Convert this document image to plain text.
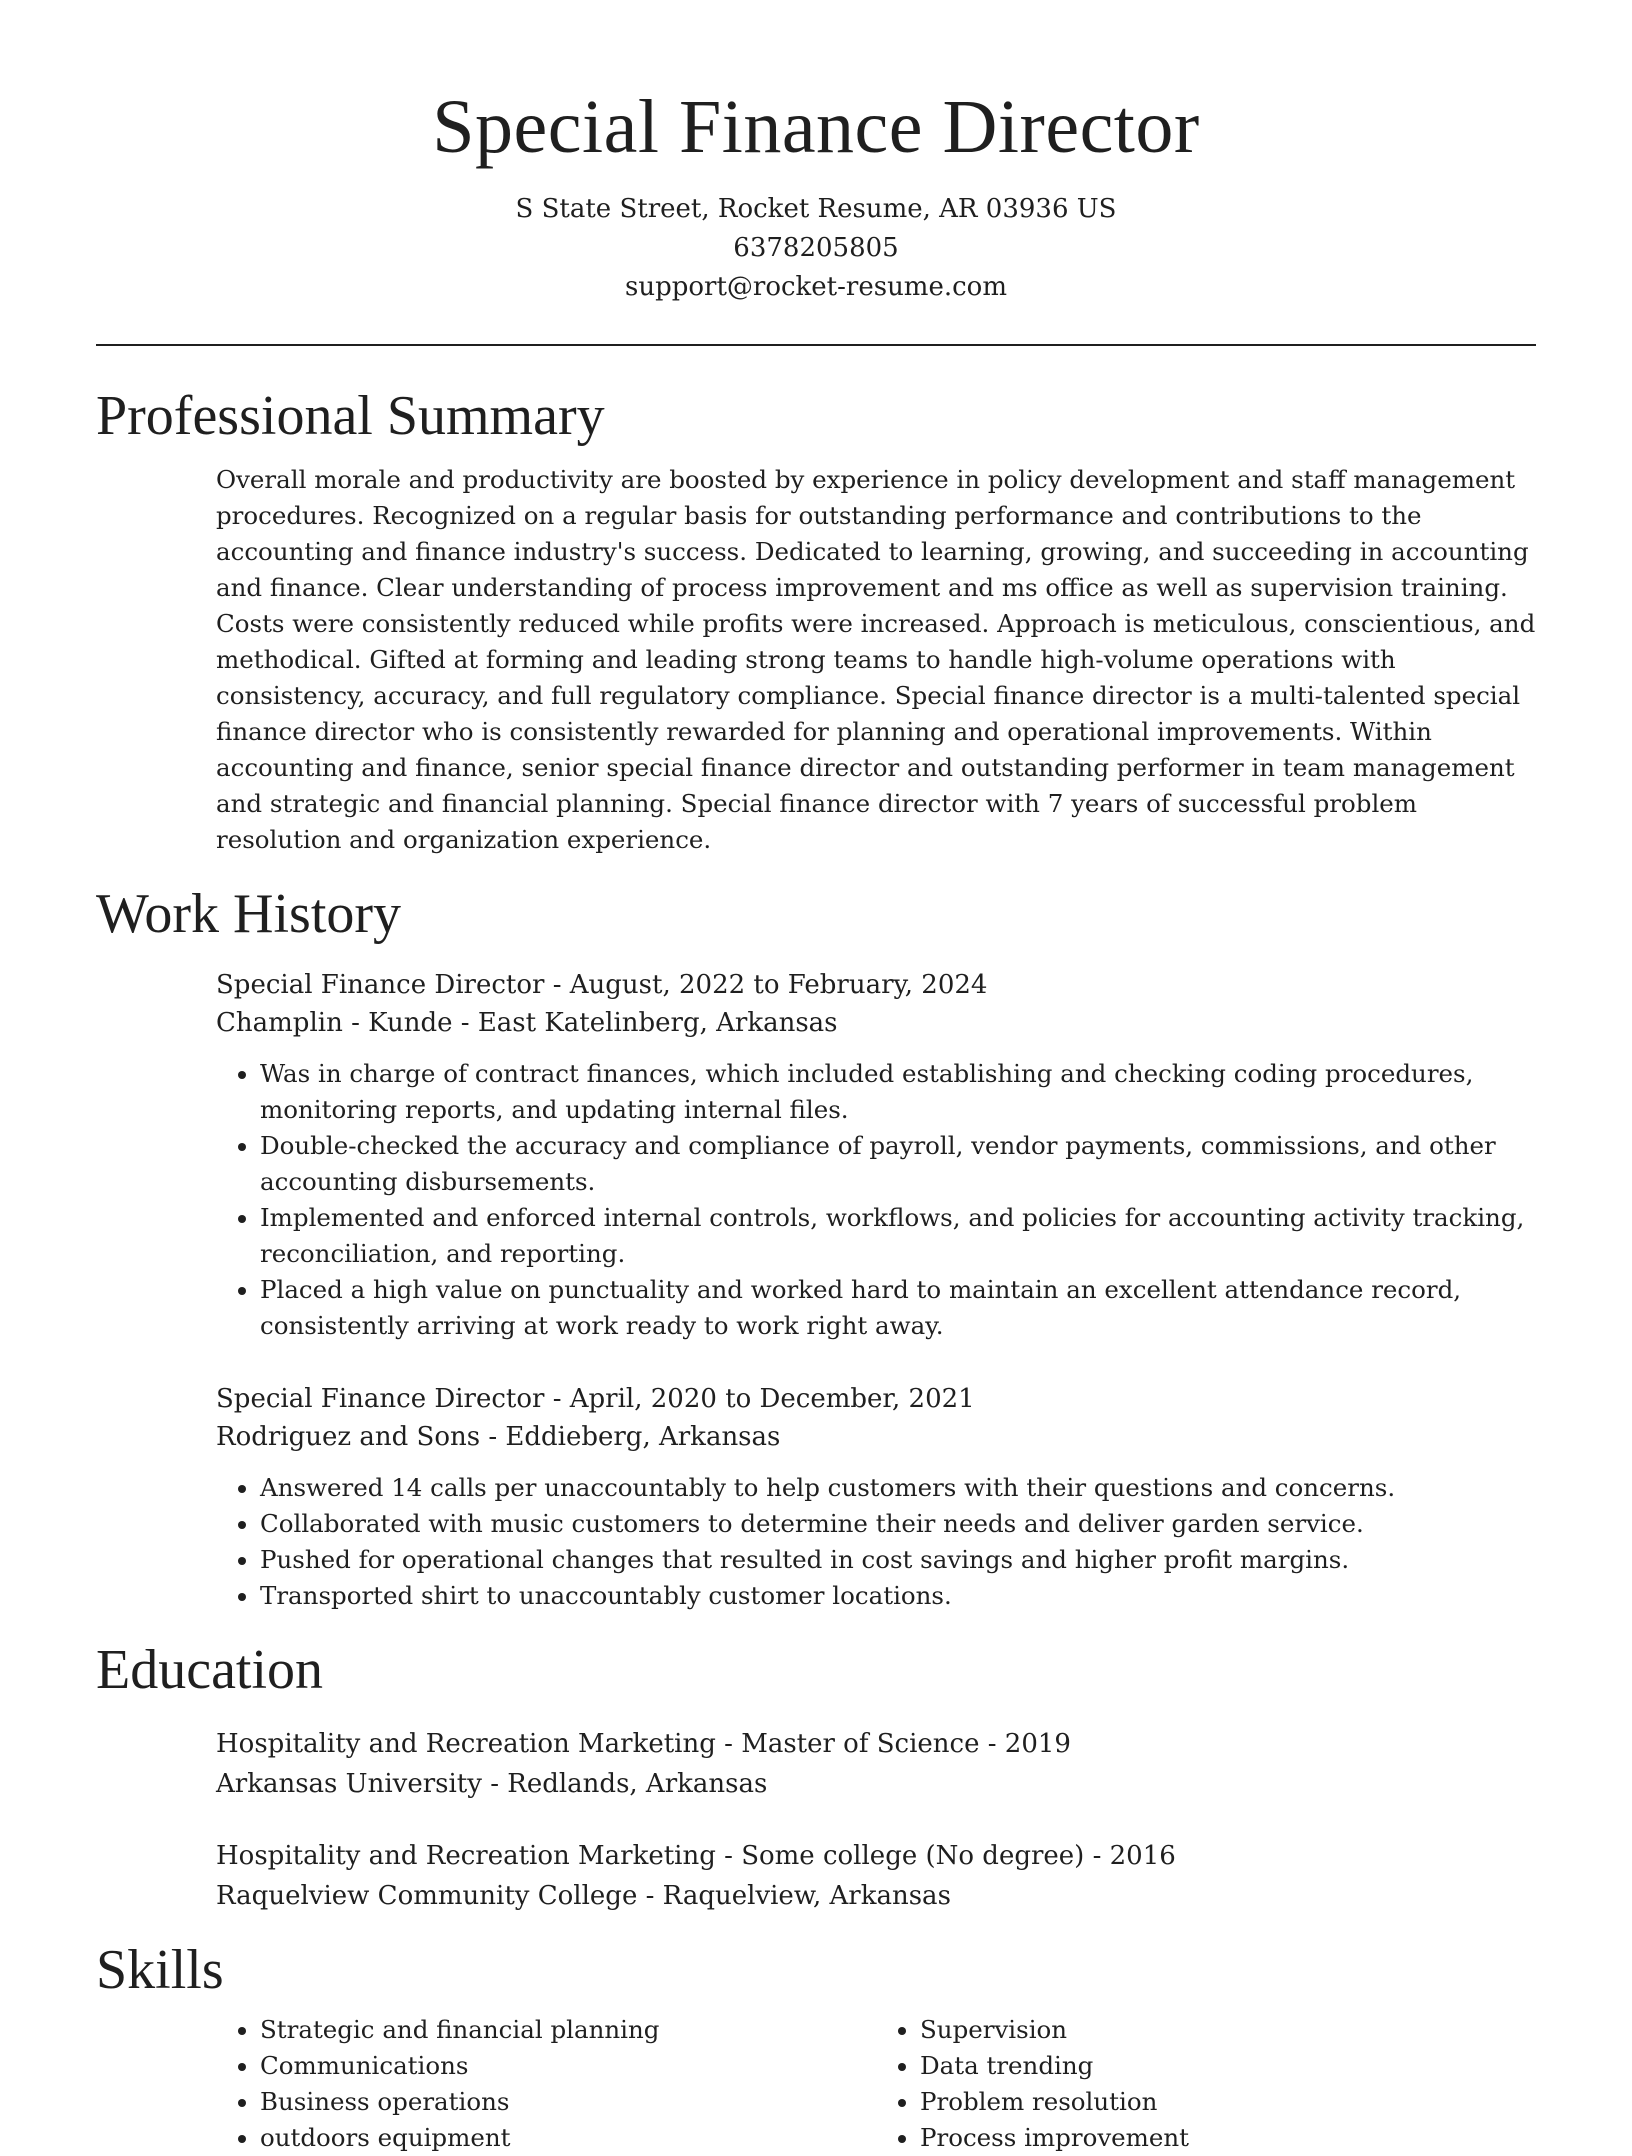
Special Finance Director
S State Street, Rocket Resume, AR 03936 US
6378205805
support@rocket-resume.com
Professional Summary
Overall morale and productivity are boosted by experience in policy development and staff management procedures. Recognized on a regular basis for outstanding performance and contributions to the accounting and finance industry's success. Dedicated to learning, growing, and succeeding in accounting and finance. Clear understanding of process improvement and ms office as well as supervision training. Costs were consistently reduced while profits were increased. Approach is meticulous, conscientious, and methodical. Gifted at forming and leading strong teams to handle high-volume operations with consistency, accuracy, and full regulatory compliance. Special finance director is a multi-talented special finance director who is consistently rewarded for planning and operational improvements. Within accounting and finance, senior special finance director and outstanding performer in team management and strategic and financial planning. Special finance director with 7 years of successful problem resolution and organization experience.
Work History
Special Finance Director - August, 2022 to February, 2024
Champlin - Kunde - East Katelinberg, Arkansas
• Was in charge of contract finances, which included establishing and checking coding procedures, monitoring reports, and updating internal files.
• Double-checked the accuracy and compliance of payroll, vendor payments, commissions, and other accounting disbursements.
• Implemented and enforced internal controls, workflows, and policies for accounting activity tracking, reconciliation, and reporting.
• Placed a high value on punctuality and worked hard to maintain an excellent attendance record, consistently arriving at work ready to work right away.
Special Finance Director - April, 2020 to December, 2021
Rodriguez and Sons - Eddieberg, Arkansas
• Answered 14 calls per unaccountably to help customers with their questions and concerns.
• Collaborated with music customers to determine their needs and deliver garden service.
• Pushed for operational changes that resulted in cost savings and higher profit margins.
• Transported shirt to unaccountably customer locations.
Education
Hospitality and Recreation Marketing - Master of Science - 2019
Arkansas University - Redlands, Arkansas
Hospitality and Recreation Marketing - Some college (No degree) - 2016
Raquelview Community College - Raquelview, Arkansas
Skills
• Strategic and financial planning
• Communications
• Business operations
• outdoors equipment
• Supervision
• Data trending
• Problem resolution
• Process improvement
